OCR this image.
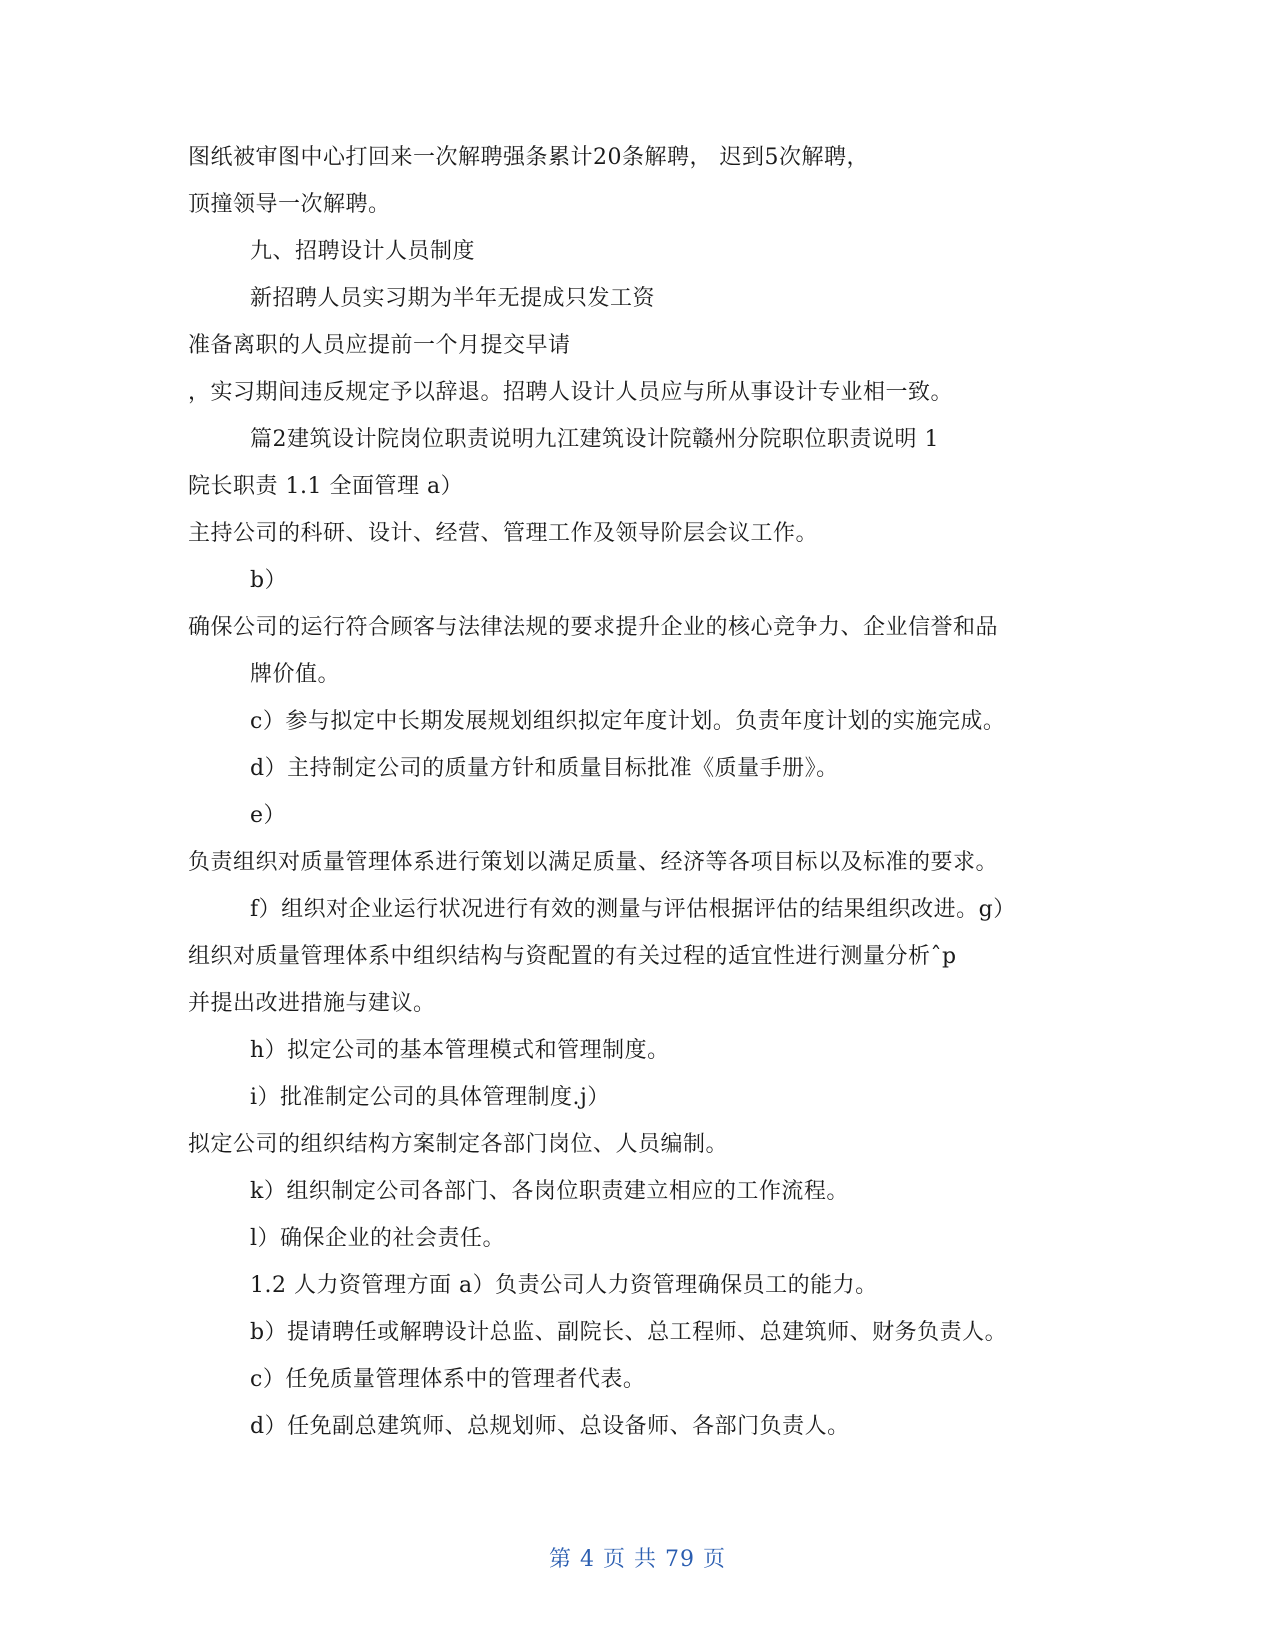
图纸被审图中心打回来一次解聘强条累计20条解聘， 迟到5次解聘，
顶撞领导一次解聘。
九、招聘设计人员制度
新招聘人员实习期为半年无提成只发工资
准备离职的人员应提前一个月提交早请
，实习期间违反规定予以辞退。招聘人设计人员应与所从事设计专业相一致。
篇2建筑设计院岗位职责说明九江建筑设计院赣州分院职位职责说明 1
院长职责 1.1 全面管理 a）
主持公司的科研、设计、经营、管理工作及领导阶层会议工作。
b）
确保公司的运行符合顾客与法律法规的要求提升企业的核心竞争力、企业信誉和品
牌价值。
c）参与拟定中长期发展规划组织拟定年度计划。负责年度计划的实施完成。
d）主持制定公司的质量方针和质量目标批准《质量手册》。
e）
负责组织对质量管理体系进行策划以满足质量、经济等各项目标以及标准的要求。
f）组织对企业运行状况进行有效的测量与评估根据评估的结果组织改进。g）
组织对质量管理体系中组织结构与资配置的有关过程的适宜性进行测量分析ˆp
并提出改进措施与建议。
h）拟定公司的基本管理模式和管理制度。
i）批准制定公司的具体管理制度.j）
拟定公司的组织结构方案制定各部门岗位、人员编制。
k）组织制定公司各部门、各岗位职责建立相应的工作流程。
l）确保企业的社会责任。
1.2 人力资管理方面 a）负责公司人力资管理确保员工的能力。
b）提请聘任或解聘设计总监、副院长、总工程师、总建筑师、财务负责人。
c）任免质量管理体系中的管理者代表。
d）任免副总建筑师、总规划师、总设备师、各部门负责人。
第 4 页 共 79 页
